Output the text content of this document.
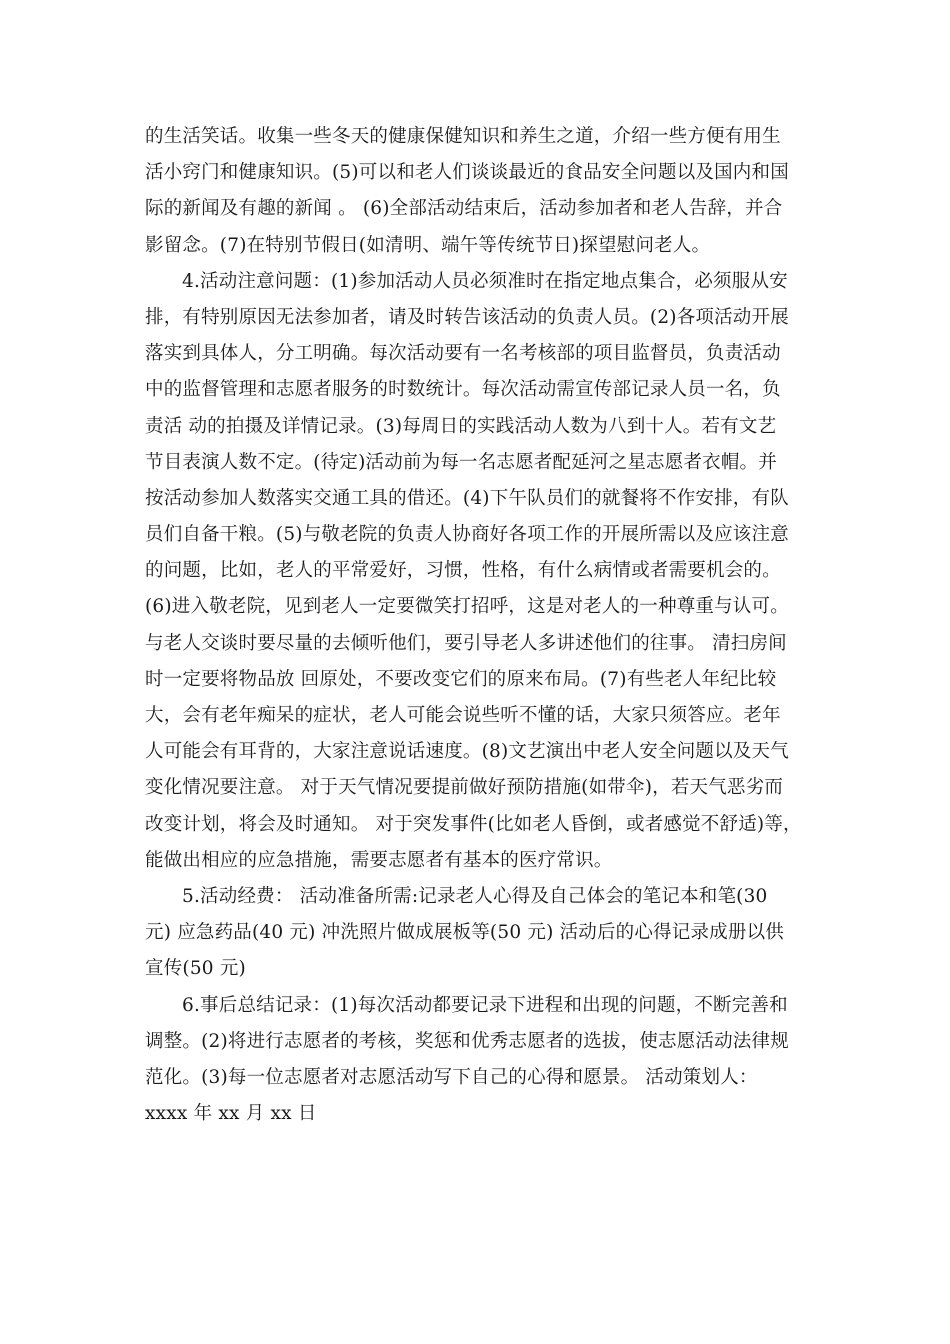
的生活笑话。收集一些冬天的健康保健知识和养生之道，介绍一些方便有用生
活小窍门和健康知识。(5)可以和老人们谈谈最近的食品安全问题以及国内和国
际的新闻及有趣的新闻 。 (6)全部活动结束后，活动参加者和老人告辞，并合
影留念。(7)在特别节假日(如清明、端午等传统节日)探望慰问老人。
4.活动注意问题：(1)参加活动人员必须准时在指定地点集合，必须服从安
排，有特别原因无法参加者，请及时转告该活动的负责人员。(2)各项活动开展
落实到具体人，分工明确。每次活动要有一名考核部的项目监督员，负责活动
中的监督管理和志愿者服务的时数统计。每次活动需宣传部记录人员一名，负
责活 动的拍摄及详情记录。(3)每周日的实践活动人数为八到十人。若有文艺
节目表演人数不定。(待定)活动前为每一名志愿者配延河之星志愿者衣帽。并
按活动参加人数落实交通工具的借还。(4)下午队员们的就餐将不作安排，有队
员们自备干粮。(5)与敬老院的负责人协商好各项工作的开展所需以及应该注意
的问题，比如，老人的平常爱好，习惯，性格，有什么病情或者需要机会的。
(6)进入敬老院，见到老人一定要微笑打招呼，这是对老人的一种尊重与认可。
与老人交谈时要尽量的去倾听他们，要引导老人多讲述他们的往事。 清扫房间
时一定要将物品放 回原处，不要改变它们的原来布局。(7)有些老人年纪比较
大，会有老年痴呆的症状，老人可能会说些听不懂的话，大家只须答应。老年
人可能会有耳背的，大家注意说话速度。(8)文艺演出中老人安全问题以及天气
变化情况要注意。 对于天气情况要提前做好预防措施(如带伞)，若天气恶劣而
改变计划，将会及时通知。 对于突发事件(比如老人昏倒，或者感觉不舒适)等，
能做出相应的应急措施，需要志愿者有基本的医疗常识。
5.活动经费： 活动准备所需:记录老人心得及自己体会的笔记本和笔(30
元) 应急药品(40 元) 冲洗照片做成展板等(50 元) 活动后的心得记录成册以供
宣传(50 元)
6.事后总结记录：(1)每次活动都要记录下进程和出现的问题，不断完善和
调整。(2)将进行志愿者的考核，奖惩和优秀志愿者的选拔，使志愿活动法律规
范化。(3)每一位志愿者对志愿活动写下自己的心得和愿景。 活动策划人：
xxxx 年 xx 月 xx 日
